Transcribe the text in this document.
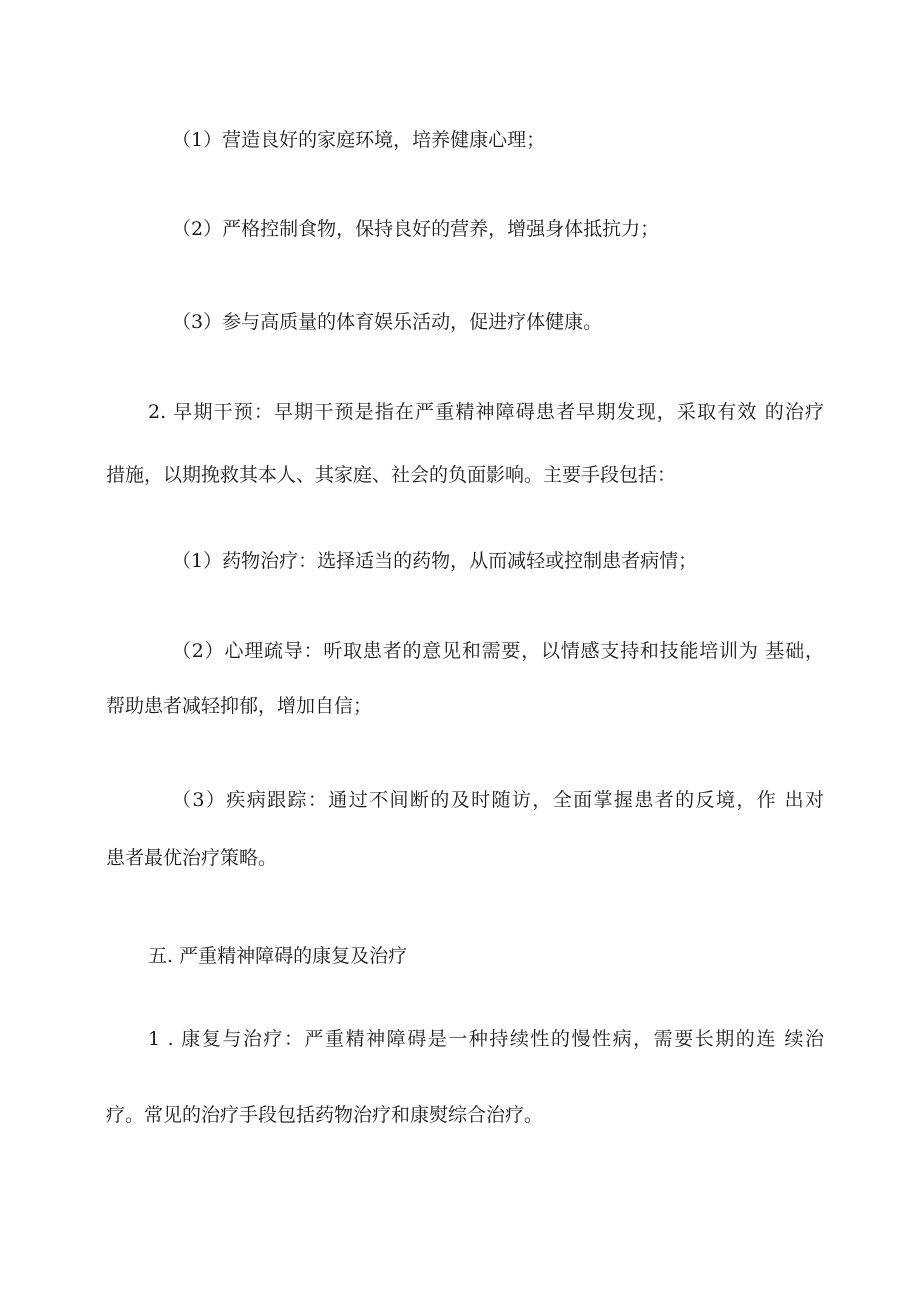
（1）营造良好的家庭环境，培养健康心理；
（2）严格控制食物，保持良好的营养，增强身体抵抗力；
（3）参与高质量的体育娱乐活动，促进疗体健康。
2. 早期干预：早期干预是指在严重精神障碍患者早期发现，采取有效 的治疗
措施，以期挽救其本人、其家庭、社会的负面影响。主要手段包括：
（1）药物治疗：选择适当的药物，从而减轻或控制患者病情；
（2）心理疏导：听取患者的意见和需要，以情感支持和技能培训为 基础，
帮助患者减轻抑郁，增加自信；
（3）疾病跟踪：通过不间断的及时随访，全面掌握患者的反境，作 出对
患者最优治疗策略。
五. 严重精神障碍的康复及治疗
1 . 康复与治疗：严重精神障碍是一种持续性的慢性病，需要长期的连 续治
疗。常见的治疗手段包括药物治疗和康熨综合治疗。
